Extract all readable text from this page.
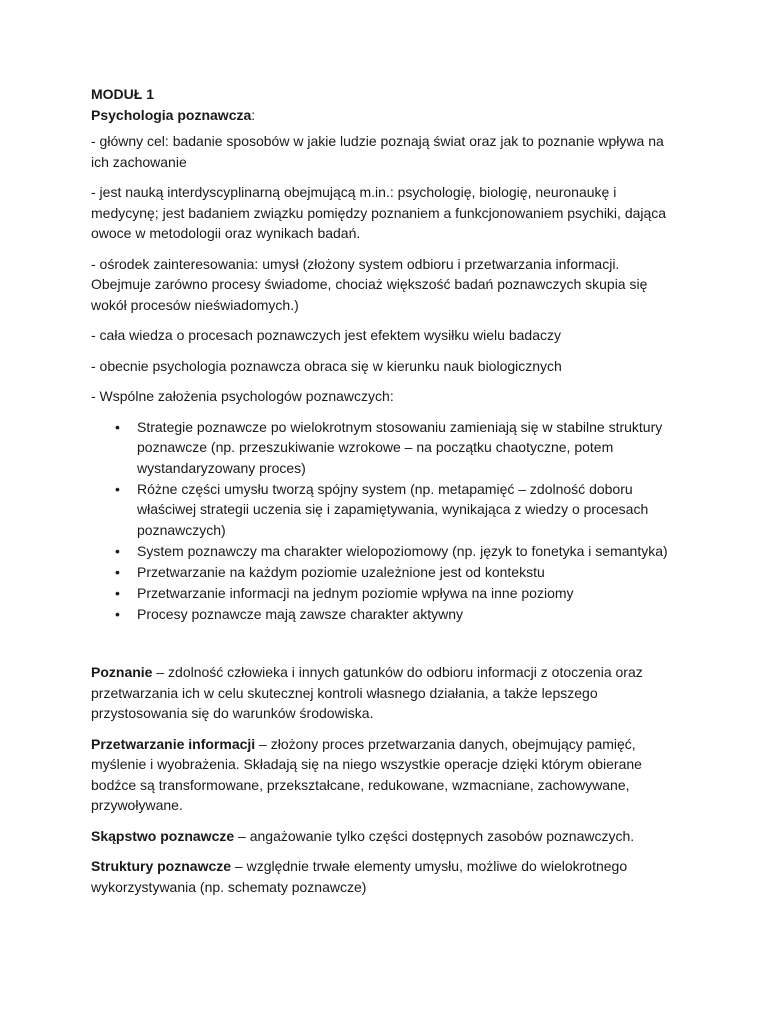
MODUŁ 1
Psychologia poznawcza:

- główny cel: badanie sposobów w jakie ludzie poznają świat oraz jak to poznanie wpływa na ich zachowanie

- jest nauką interdyscyplinarną obejmującą m.in.: psychologię, biologię, neuronaukę i medycynę; jest badaniem związku pomiędzy poznaniem a funkcjonowaniem psychiki, dająca owoce w metodologii oraz wynikach badań.

- ośrodek zainteresowania: umysł (złożony system odbioru i przetwarzania informacji. Obejmuje zarówno procesy świadome, chociaż większość badań poznawczych skupia się wokół procesów nieświadomych.)

- cała wiedza o procesach poznawczych jest efektem wysiłku wielu badaczy

- obecnie psychologia poznawcza obraca się w kierunku nauk biologicznych

- Wspólne założenia psychologów poznawczych:

• Strategie poznawcze po wielokrotnym stosowaniu zamieniają się w stabilne struktury poznawcze (np. przeszukiwanie wzrokowe – na początku chaotyczne, potem wystandaryzowany proces)
• Różne części umysłu tworzą spójny system (np. metapamięć – zdolność doboru właściwej strategii uczenia się i zapamiętywania, wynikająca z wiedzy o procesach poznawczych)
• System poznawczy ma charakter wielopoziomowy (np. język to fonetyka i semantyka)
• Przetwarzanie na każdym poziomie uzależnione jest od kontekstu
• Przetwarzanie informacji na jednym poziomie wpływa na inne poziomy
• Procesy poznawcze mają zawsze charakter aktywny

Poznanie – zdolność człowieka i innych gatunków do odbioru informacji z otoczenia oraz przetwarzania ich w celu skutecznej kontroli własnego działania, a także lepszego przystosowania się do warunków środowiska.

Przetwarzanie informacji – złożony proces przetwarzania danych, obejmujący pamięć, myślenie i wyobrażenia. Składają się na niego wszystkie operacje dzięki którym obierane bodźce są transformowane, przekształcane, redukowane, wzmacniane, zachowywane, przywoływane.

Skąpstwo poznawcze – angażowanie tylko części dostępnych zasobów poznawczych.

Struktury poznawcze – względnie trwałe elementy umysłu, możliwe do wielokrotnego wykorzystywania (np. schematy poznawcze)
